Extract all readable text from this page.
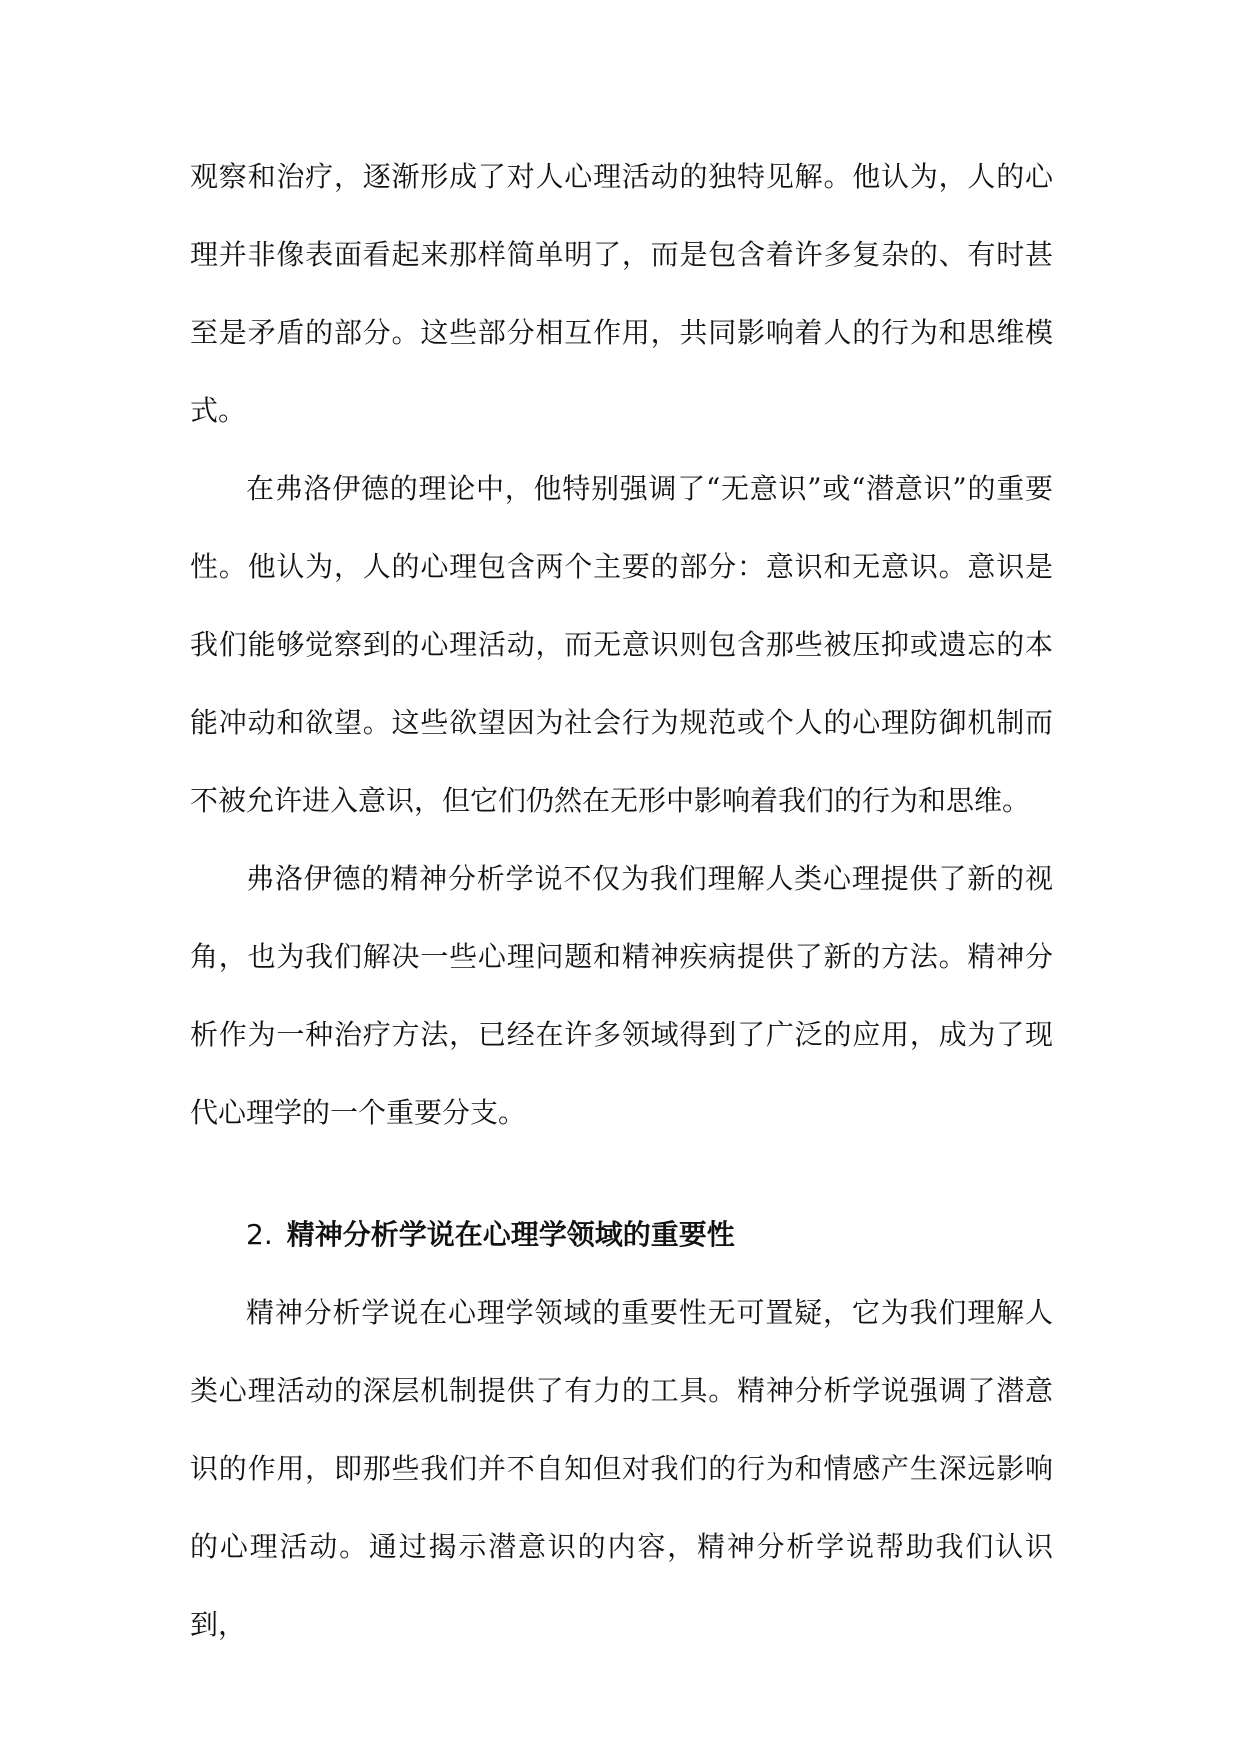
观察和治疗，逐渐形成了对人心理活动的独特见解。他认为，人的心理并非像表面看起来那样简单明了，而是包含着许多复杂的、有时甚至是矛盾的部分。这些部分相互作用，共同影响着人的行为和思维模式。

在弗洛伊德的理论中，他特别强调了“无意识”或“潜意识”的重要性。他认为，人的心理包含两个主要的部分：意识和无意识。意识是我们能够觉察到的心理活动，而无意识则包含那些被压抑或遗忘的本能冲动和欲望。这些欲望因为社会行为规范或个人的心理防御机制而不被允许进入意识，但它们仍然在无形中影响着我们的行为和思维。

弗洛伊德的精神分析学说不仅为我们理解人类心理提供了新的视角，也为我们解决一些心理问题和精神疾病提供了新的方法。精神分析作为一种治疗方法，已经在许多领域得到了广泛的应用，成为了现代心理学的一个重要分支。

2. 精神分析学说在心理学领域的重要性

精神分析学说在心理学领域的重要性无可置疑，它为我们理解人类心理活动的深层机制提供了有力的工具。精神分析学说强调了潜意识的作用，即那些我们并不自知但对我们的行为和情感产生深远影响的心理活动。通过揭示潜意识的内容，精神分析学说帮助我们认识到，
